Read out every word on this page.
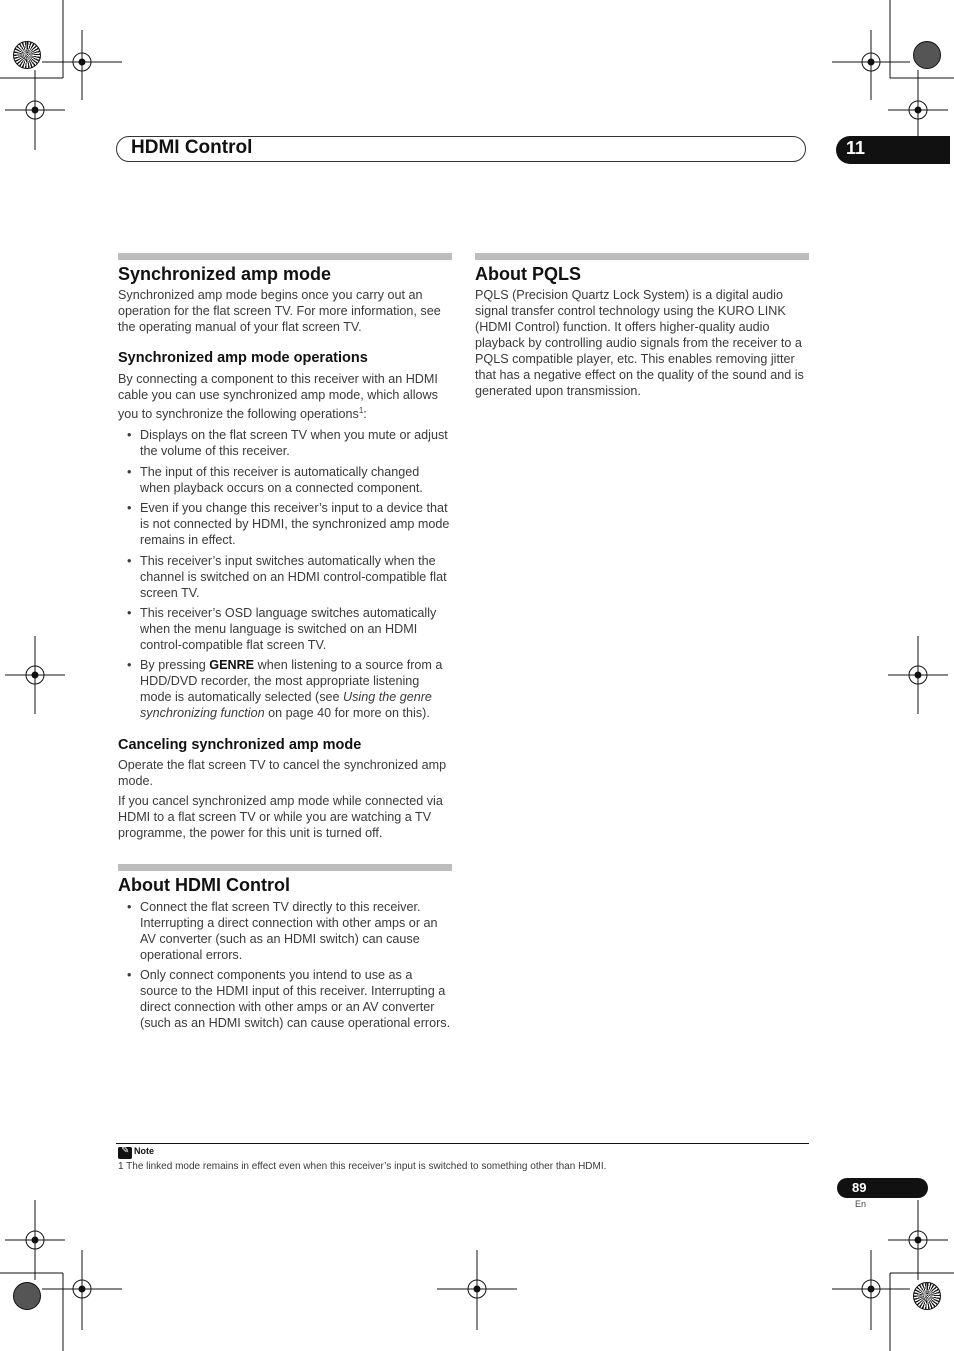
HDMI Control	11
Synchronized amp mode

Synchronized amp mode begins once you carry out an operation for the flat screen TV. For more information, see the operating manual of your flat screen TV.

Synchronized amp mode operations

By connecting a component to this receiver with an HDMI cable you can use synchronized amp mode, which allows you to synchronize the following operations$^1$:

• Displays on the flat screen TV when you mute or adjust the volume of this receiver.
• The input of this receiver is automatically changed when playback occurs on a connected component.
• Even if you change this receiver’s input to a device that is not connected by HDMI, the synchronized amp mode remains in effect.
• This receiver’s input switches automatically when the channel is switched on an HDMI control-compatible flat screen TV.
• This receiver’s OSD language switches automatically when the menu language is switched on an HDMI control-compatible flat screen TV.
• By pressing GENRE when listening to a source from a HDD/DVD recorder, the most appropriate listening mode is automatically selected (see Using the genre synchronizing function on page 40 for more on this).
Canceling synchronized amp mode

Operate the flat screen TV to cancel the synchronized amp mode.

If you cancel synchronized amp mode while connected via HDMI to a flat screen TV or while you are watching a TV programme, the power for this unit is turned off.

About HDMI Control
• Connect the flat screen TV directly to this receiver. Interrupting a direct connection with other amps or an AV converter (such as an HDMI switch) can cause operational errors.
• Only connect components you intend to use as a source to the HDMI input of this receiver. Interrupting a direct connection with other amps or an AV converter (such as an HDMI switch) can cause operational errors.
About PQLS

PQLS (Precision Quartz Lock System) is a digital audio signal transfer control technology using the KURO LINK (HDMI Control) function. It offers higher-quality audio playback by controlling audio signals from the receiver to a PQLS compatible player, etc. This enables removing jitter that has a negative effect on the quality of the sound and is generated upon transmission.

✎ Note
1 The linked mode remains in effect even when this receiver’s input is switched to something other than HDMI.
89
En
